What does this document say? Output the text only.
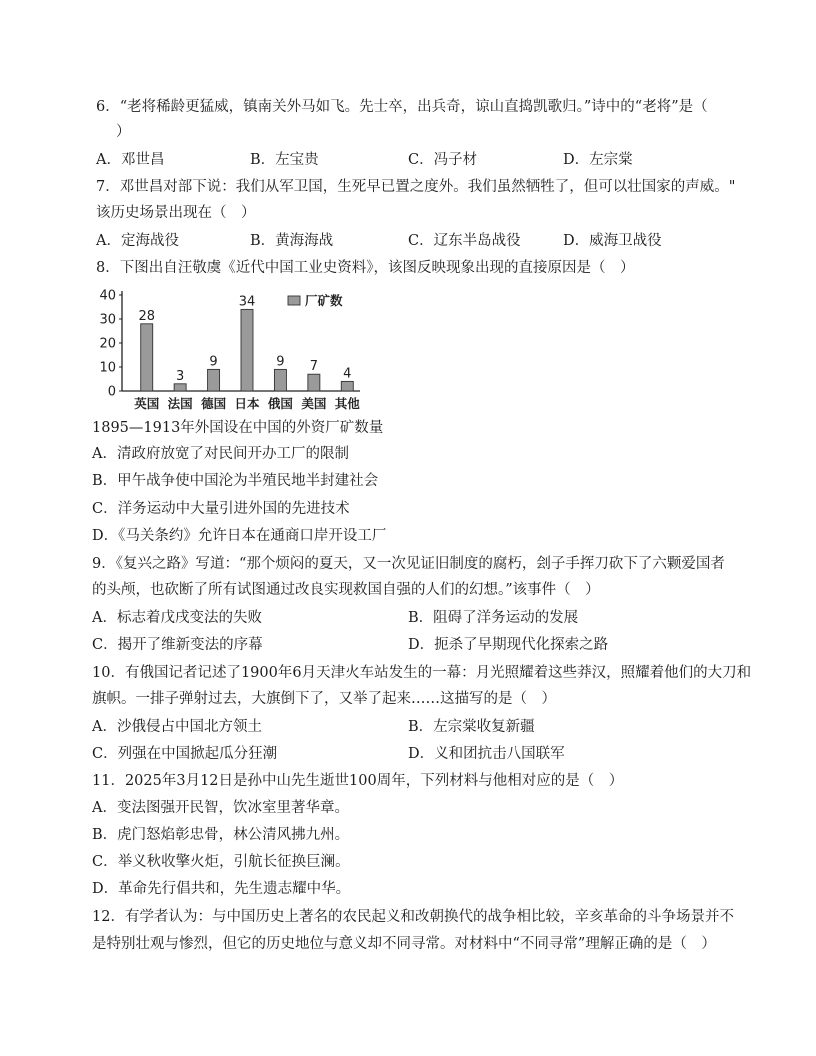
6．“老将稀龄更猛威，镇南关外马如飞。先士卒，出兵奇，谅山直捣凯歌归。”诗中的“老将”是（
）
A．邓世昌	B．左宝贵	C．冯子材	D．左宗棠
7．邓世昌对部下说：我们从军卫国，生死早已置之度外。我们虽然牺牲了，但可以壮国家的声威。"
该历史场景出现在（　）
A．定海战役	B．黄海海战	C．辽东半岛战役	D．威海卫战役
8．下图出自汪敬虞《近代中国工业史资料》，该图反映现象出现的直接原因是（　）
0
10
20
30
40
28
英国
3
法国
9
德国
34
日本
9
俄国
7
美国
4
其他
厂矿数
1895—1913年外国设在中国的外资厂矿数量
A．清政府放宽了对民间开办工厂的限制
B．甲午战争使中国沦为半殖民地半封建社会
C．洋务运动中大量引进外国的先进技术
D．《马关条约》允许日本在通商口岸开设工厂
9．《复兴之路》写道：“那个烦闷的夏天，又一次见证旧制度的腐朽，刽子手挥刀砍下了六颗爱国者
的头颅，也砍断了所有试图通过改良实现救国自强的人们的幻想。”该事件（　）
A．标志着戊戌变法的失败	B．阻碍了洋务运动的发展
C．揭开了维新变法的序幕	D．扼杀了早期现代化探索之路
10．有俄国记者记述了1900年6月天津火车站发生的一幕：月光照耀着这些莽汉，照耀着他们的大刀和
旗帜。一排子弹射过去，大旗倒下了，又举了起来……这描写的是（　）
A．沙俄侵占中国北方领土	B．左宗棠收复新疆
C．列强在中国掀起瓜分狂潮	D．义和团抗击八国联军
11．2025年3月12日是孙中山先生逝世100周年，下列材料与他相对应的是（　）
A．变法图强开民智，饮冰室里著华章。
B．虎门怒焰彰忠骨，林公清风拂九州。
C．举义秋收擎火炬，引航长征换巨澜。
D．革命先行倡共和，先生遗志耀中华。
12．有学者认为：与中国历史上著名的农民起义和改朝换代的战争相比较，辛亥革命的斗争场景并不
是特别壮观与惨烈，但它的历史地位与意义却不同寻常。对材料中“不同寻常”理解正确的是（　）
